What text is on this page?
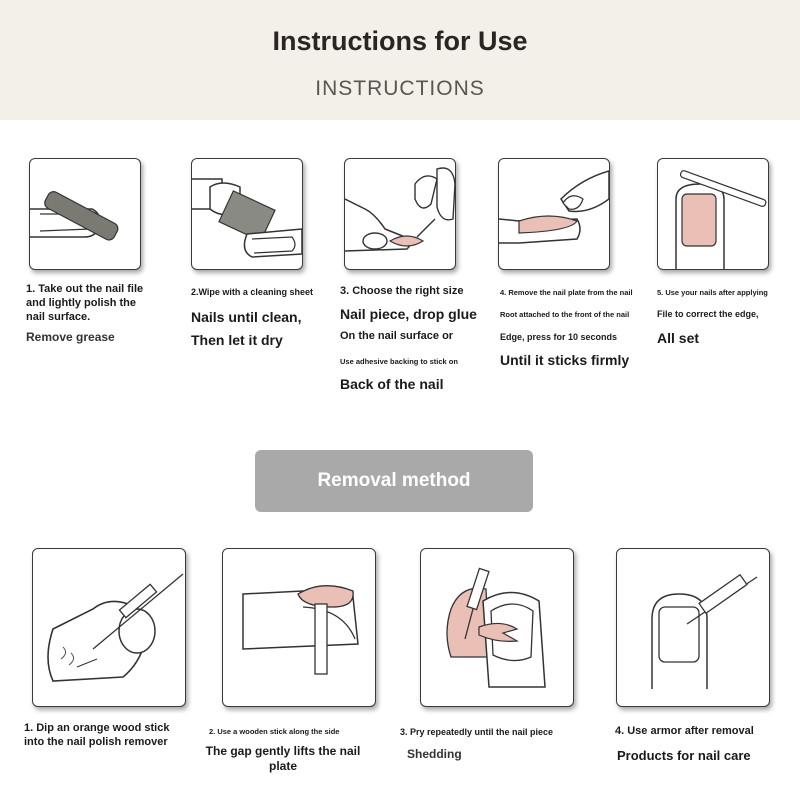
Instructions for Use
INSTRUCTIONS
1. Take out the nail file
and lightly polish the
nail surface.
Remove grease
2.Wipe with a cleaning sheet
Nails until clean,
Then let it dry
3. Choose the right size
Nail piece, drop glue
On the nail surface or
Use adhesive backing to stick on
Back of the nail
4. Remove the nail plate from the nail
Root attached to the front of the nail
Edge, press for 10 seconds
Until it sticks firmly
5. Use your nails after applying
File to correct the edge,
All set
Removal method
1. Dip an orange wood stick
into the nail polish remover
2. Use a wooden stick along the side
The gap gently lifts the nail
plate
3. Pry repeatedly until the nail piece
Shedding
4. Use armor after removal
Products for nail care
